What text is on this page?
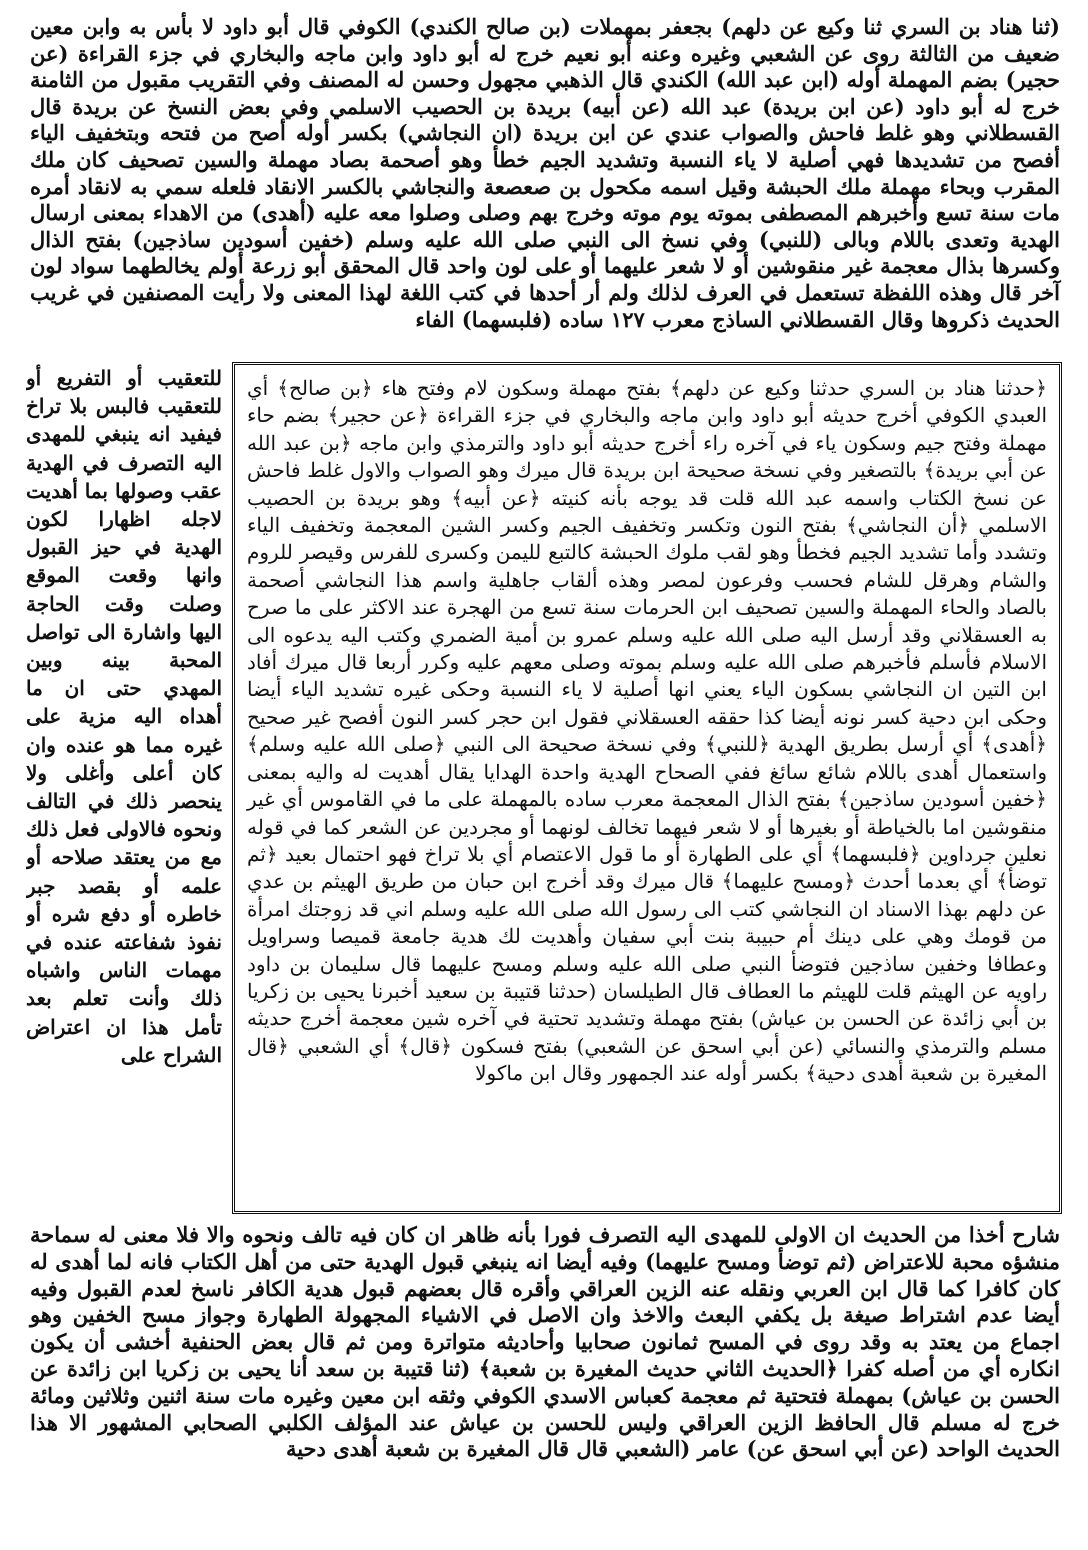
(ثنا هناد بن السري ثنا وكيع عن دلهم) بجعفر بمهملات (بن صالح الكندي) الكوفي قال أبو داود لا بأس به وابن معين ضعيف من الثالثة روى عن الشعبي وغيره وعنه أبو نعيم خرج له أبو داود وابن ماجه والبخاري في جزء القراءة (عن حجير) بضم المهملة أوله (ابن عبد الله) الكندي قال الذهبي مجهول وحسن له المصنف وفي التقريب مقبول من الثامنة خرج له أبو داود (عن ابن بريدة) عبد الله (عن أبيه) بريدة بن الحصيب الاسلمي وفي بعض النسخ عن بريدة قال القسطلاني وهو غلط فاحش والصواب عندي عن ابن بريدة (ان النجاشي) بكسر أوله أصح من فتحه وبتخفيف الياء أفصح من تشديدها فهي أصلية لا ياء النسبة وتشديد الجيم خطأ وهو أصحمة بصاد مهملة والسين تصحيف كان ملك المقرب وبحاء مهملة ملك الحبشة وقيل اسمه مكحول بن صعصعة والنجاشي بالكسر الانقاد فلعله سمي به لانقاد أمره مات سنة تسع وأخبرهم المصطفى بموته يوم موته وخرج بهم وصلى وصلوا معه عليه (أهدى) من الاهداء بمعنى ارسال الهدية وتعدى باللام وبالى (للنبي) وفي نسخ الى النبي صلى الله عليه وسلم (خفين أسودين ساذجين) بفتح الذال وكسرها بذال معجمة غير منقوشين أو لا شعر عليهما أو على لون واحد قال المحقق أبو زرعة أولم يخالطهما سواد لون آخر قال وهذه اللفظة تستعمل في العرف لذلك ولم أر أحدها في كتب اللغة لهذا المعنى ولا رأيت المصنفين في غريب الحديث ذكروها وقال القسطلاني الساذج معرب ١٢٧ ساده (فلبسهما) الفاء

للتعقيب أو التفريع أو للتعقيب فالبس بلا تراخ فيفيد انه ينبغي للمهدى اليه التصرف في الهدية عقب وصولها بما أهديت لاجله اظهارا لكون الهدية في حيز القبول وانها وقعت الموقع وصلت وقت الحاجة اليها واشارة الى تواصل المحبة بينه وبين المهدي حتى ان ما أهداه اليه مزية على غيره مما هو عنده وان كان أعلى وأغلى ولا ينحصر ذلك في التالف ونحوه فالاولى فعل ذلك مع من يعتقد صلاحه أو علمه أو بقصد جبر خاطره أو دفع شره أو نفوذ شفاعته عنده في مهمات الناس واشباه ذلك وأنت تعلم بعد تأمل هذا ان اعتراض الشراح على

﴿حدثنا هناد بن السري حدثنا وكيع عن دلهم﴾ بفتح مهملة وسكون لام وفتح هاء ﴿بن صالح﴾ أي العبدي الكوفي أخرج حديثه أبو داود وابن ماجه والبخاري في جزء القراءة ﴿عن حجير﴾ بضم حاء مهملة وفتح جيم وسكون ياء في آخره راء أخرج حديثه أبو داود والترمذي وابن ماجه ﴿بن عبد الله عن أبي بريدة﴾ بالتصغير وفي نسخة صحيحة ابن بريدة قال ميرك وهو الصواب والاول غلط فاحش عن نسخ الكتاب واسمه عبد الله قلت قد يوجه بأنه كنيته ﴿عن أبيه﴾ وهو بريدة بن الحصيب الاسلمي ﴿أن النجاشي﴾ بفتح النون وتكسر وتخفيف الجيم وكسر الشين المعجمة وتخفيف الياء وتشدد وأما تشديد الجيم فخطأ وهو لقب ملوك الحبشة كالتبع لليمن وكسرى للفرس وقيصر للروم والشام وهرقل للشام فحسب وفرعون لمصر وهذه ألقاب جاهلية واسم هذا النجاشي أصحمة بالصاد والحاء المهملة والسين تصحيف ابن الحرمات سنة تسع من الهجرة عند الاكثر على ما صرح به العسقلاني وقد أرسل اليه صلى الله عليه وسلم عمرو بن أمية الضمري وكتب اليه يدعوه الى الاسلام فأسلم فأخبرهم صلى الله عليه وسلم بموته وصلى معهم عليه وكرر أربعا قال ميرك أفاد ابن التين ان النجاشي بسكون الياء يعني انها أصلية لا ياء النسبة وحكى غيره تشديد الياء أيضا وحكى ابن دحية كسر نونه أيضا كذا حققه العسقلاني فقول ابن حجر كسر النون أفصح غير صحيح ﴿أهدى﴾ أي أرسل بطريق الهدية ﴿للنبي﴾ وفي نسخة صحيحة الى النبي ﴿صلى الله عليه وسلم﴾ واستعمال أهدى باللام شائع سائغ ففي الصحاح الهدية واحدة الهدايا يقال أهديت له واليه بمعنى ﴿خفين أسودين ساذجين﴾ بفتح الذال المعجمة معرب ساده بالمهملة على ما في القاموس أي غير منقوشين اما بالخياطة أو بغيرها أو لا شعر فيهما تخالف لونهما أو مجردين عن الشعر كما في قوله نعلين جرداوين ﴿فلبسهما﴾ أي على الطهارة أو ما قول الاعتصام أي بلا تراخ فهو احتمال بعيد ﴿ثم توضأ﴾ أي بعدما أحدث ﴿ومسح عليهما﴾ قال ميرك وقد أخرج ابن حبان من طريق الهيثم بن عدي عن دلهم بهذا الاسناد ان النجاشي كتب الى رسول الله صلى الله عليه وسلم اني قد زوجتك امرأة من قومك وهي على دينك أم حبيبة بنت أبي سفيان وأهديت لك هدية جامعة قميصا وسراويل وعطافا وخفين ساذجين فتوضأ النبي صلى الله عليه وسلم ومسح عليهما قال سليمان بن داود راويه عن الهيثم قلت للهيثم ما العطاف قال الطيلسان (حدثنا قتيبة بن سعيد أخبرنا يحيى بن زكريا بن أبي زائدة عن الحسن بن عياش) بفتح مهملة وتشديد تحتية في آخره شين معجمة أخرج حديثه مسلم والترمذي والنسائي (عن أبي اسحق عن الشعبي) بفتح فسكون ﴿قال﴾ أي الشعبي ﴿قال المغيرة بن شعبة أهدى دحية﴾ بكسر أوله عند الجمهور وقال ابن ماكولا

شارح أخذا من الحديث ان الاولى للمهدى اليه التصرف فورا بأنه ظاهر ان كان فيه تالف ونحوه والا فلا معنى له سماحة منشؤه محبة للاعتراض (ثم توضأ ومسح عليهما) وفيه أيضا انه ينبغي قبول الهدية حتى من أهل الكتاب فانه لما أهدى له كان كافرا كما قال ابن العربي ونقله عنه الزين العراقي وأقره قال بعضهم قبول هدية الكافر ناسخ لعدم القبول وفيه أيضا عدم اشتراط صيغة بل يكفي البعث والاخذ وان الاصل في الاشياء المجهولة الطهارة وجواز مسح الخفين وهو اجماع من يعتد به وقد روى في المسح ثمانون صحابيا وأحاديثه متواترة ومن ثم قال بعض الحنفية أخشى أن يكون انكاره أي من أصله كفرا ﴿الحديث الثاني حديث المغيرة بن شعبة﴾ (ثنا قتيبة بن سعد أنا يحيى بن زكريا ابن زائدة عن الحسن بن عياش) بمهملة فتحتية ثم معجمة كعباس الاسدي الكوفي وثقه ابن معين وغيره مات سنة اثنين وثلاثين ومائة خرج له مسلم قال الحافظ الزين العراقي وليس للحسن بن عياش عند المؤلف الكلبي الصحابي المشهور الا هذا الحديث الواحد (عن أبي اسحق عن) عامر (الشعبي قال قال المغيرة بن شعبة أهدى دحية
